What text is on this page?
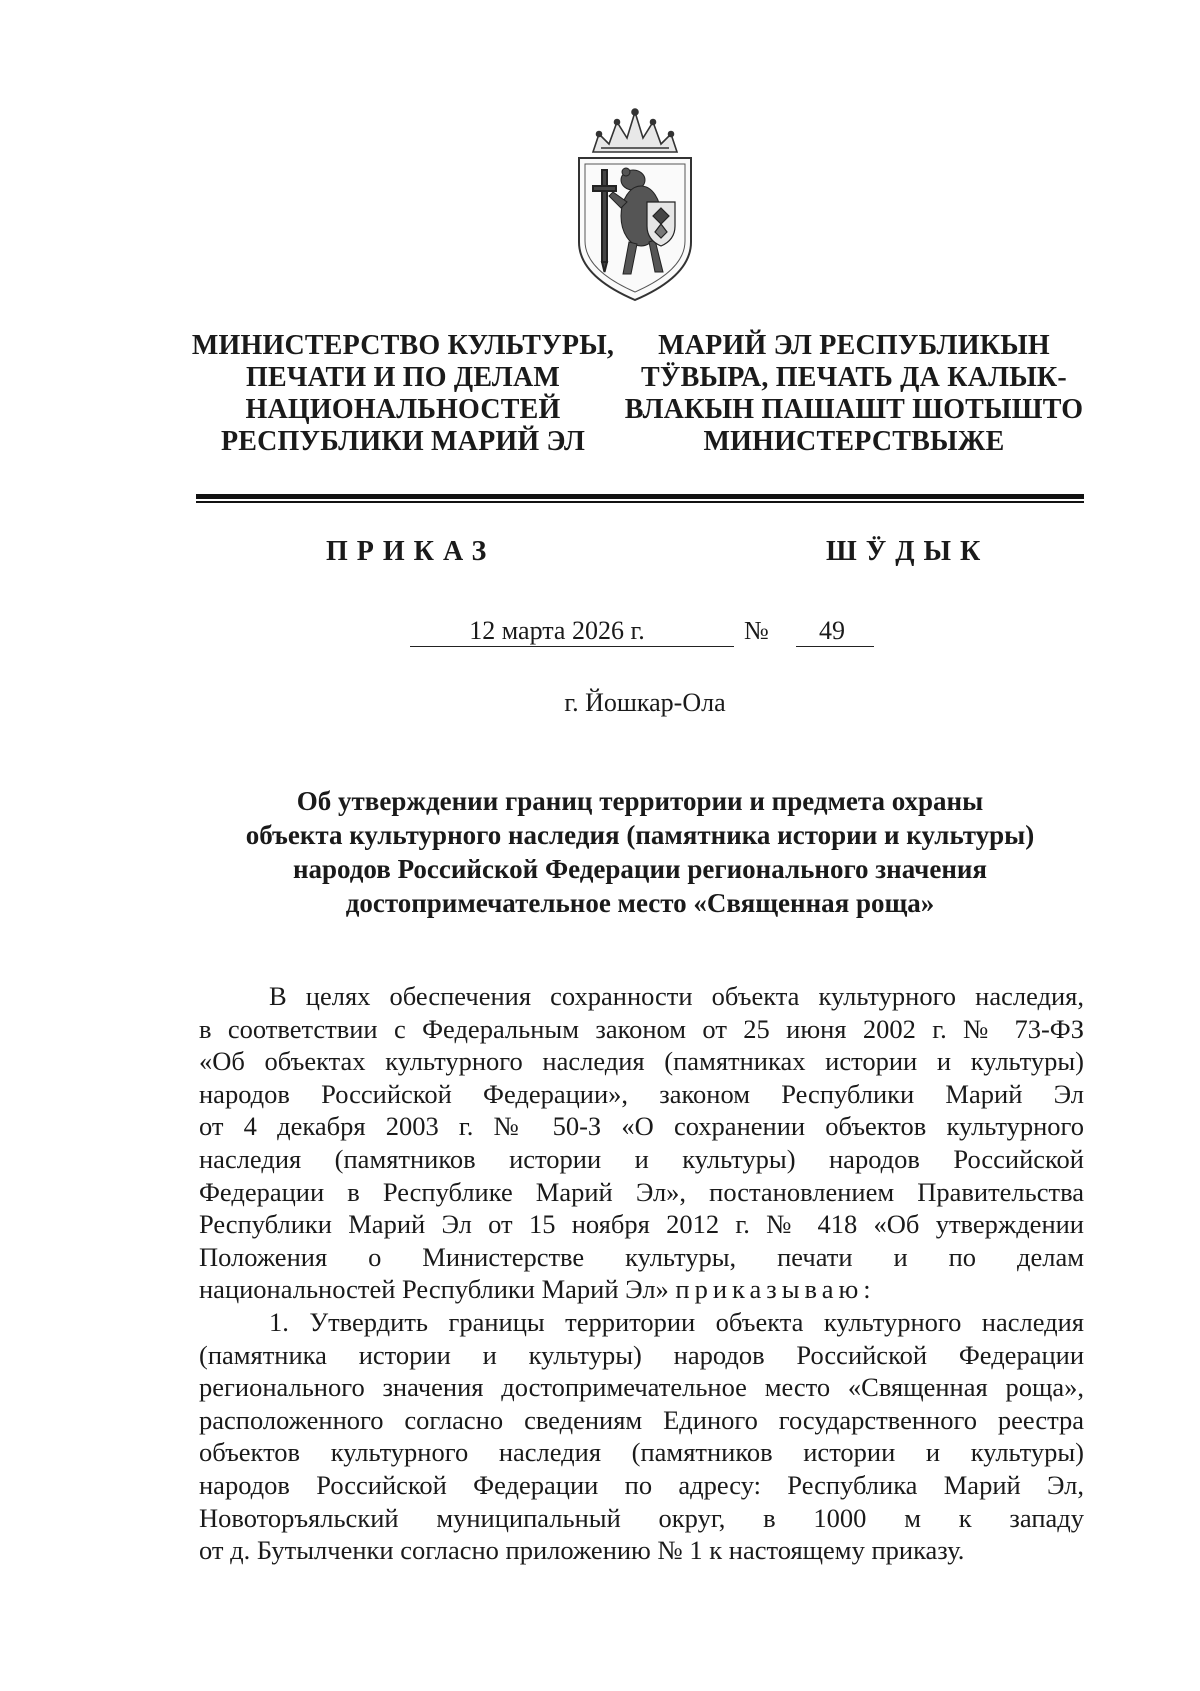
МИНИСТЕРСТВО КУЛЬТУРЫ,
ПЕЧАТИ И ПО ДЕЛАМ
НАЦИОНАЛЬНОСТЕЙ
РЕСПУБЛИКИ МАРИЙ ЭЛ
МАРИЙ ЭЛ РЕСПУБЛИКЫН
ТӰВЫРА, ПЕЧАТЬ ДА КАЛЫК-
ВЛАКЫН ПАШАШТ ШОТЫШТО
МИНИСТЕРСТВЫЖЕ
ПРИКАЗ	ШӰДЫК
12 марта 2026 г.	№	49
г. Йошкар-Ола
Об утверждении границ территории и предмета охраны
объекта культурного наследия (памятника истории и культуры)
народов Российской Федерации регионального значения
достопримечательное место «Священная роща»
В целях обеспечения сохранности объекта культурного наследия,
в соответствии с Федеральным законом от 25 июня 2002 г. № 73-ФЗ
«Об объектах культурного наследия (памятниках истории и культуры)
народов Российской Федерации», законом Республики Марий Эл
от 4 декабря 2003 г. № 50-З «О сохранении объектов культурного
наследия (памятников истории и культуры) народов Российской
Федерации в Республике Марий Эл», постановлением Правительства
Республики Марий Эл от 15 ноября 2012 г. № 418 «Об утверждении
Положения о Министерстве культуры, печати и по делам
национальностей Республики Марий Эл» приказываю:
1. Утвердить границы территории объекта культурного наследия
(памятника истории и культуры) народов Российской Федерации
регионального значения достопримечательное место «Священная роща»,
расположенного согласно сведениям Единого государственного реестра
объектов культурного наследия (памятников истории и культуры)
народов Российской Федерации по адресу: Республика Марий Эл,
Новоторъяльский муниципальный округ, в 1000 м к западу
от д. Бутылченки согласно приложению № 1 к настоящему приказу.
